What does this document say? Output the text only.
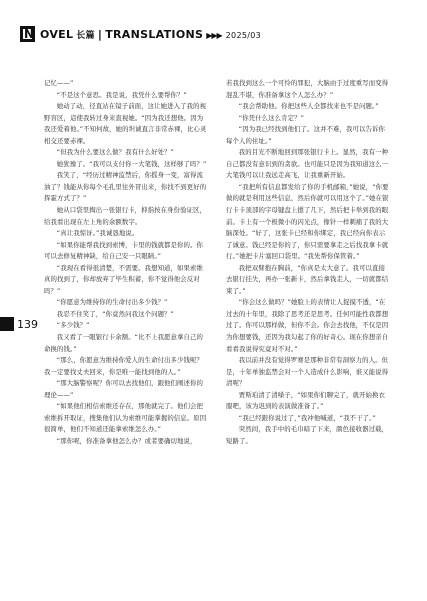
N OVEL 长篇 | TRANSLATIONS ▶▶▶ 2025/03
139

记忆——”

“不是这个意思。我是说，我凭什么要帮你？”

她动了动，径直站在镜子前面，这让她进入了我的视野盲区，這使我转过身来直视她。“因为我还想他。因为我还爱着他。”不知何故，她的坦诚直言非常赤裸，比心灵相交还要赤裸。

“但我为什么要这么做？我有什么好处？”

她犹豫了。“我可以支付你一大笔钱，这样够了吗？”

我笑了，“经历过精神监禁后，你摇身一变，富得流油了？钱能从你每个毛孔里往外冒出来，你找不到更好的挥霍方式了？”

她从口袋里掏出一张银行卡，抑指按在身份验证区，给我看出现在左上角的余额数字。

“真让我惊讶。”我诚恳地说。

“如果你能帮我找到索博，卡里的钱就都是你的。你可以去修复精神缺，给自己安一只眼睛。”

“我现在看得很清楚，不需要。我想知道，如果索维真的找到了，你却放弃了毕生积蓄，你不觉得他会反对吗？”

“你愿意为维持你的生命付出多少钱？”

我忍不住笑了，“你竟然问我这个问题？”

“多少钱？”

我又看了一眼银行卡余额。“比不上我愿意拿自己的命换的钱。”

“那么，你愿意为维持你爱人的生命付出多少钱呢？我一定要找丈夫回来，你是唯一能找到他的人。”

“那大脑警察呢？你可以去找他们，跟他们阐述你的理论——”

“如果他们相信索维还存在，那他就完了。他们会把索维拆开取证，搜集他们认为索维可能掌握的信息。原因很简单，他们不知道还能拿索维怎么办。”

“那你呢，你准备拿他怎么办？或者要确切地说，

若我找到这么一个可怜的罪犯，大脑由于过度重写而变得混乱不堪，你准备拿这个人怎么办？”

“我会帮助他。你把这些人全都找来也不是问题。”

“你凭什么这么肯定？”

“因为我已经找到他们了。这并不难，我可以告诉你每个人的住址。”

我的目光不断地回到那张银行卡上。显然，我有一种自己都没有意识到的贪欲。也可能只是因为我知道这么一大笔钱可以让我远走高飞，让我重新开始。

“我把所有信息都发给了你的手机邮箱，”她说，“你要做的就是利用这些信息，然后你就可以用这个了。”她在银行卡卡顶部的字母键盘上摁了几下，然后把卡举到我的眼前。卡上有一个极微小的闪光点，像针一样刺痛了我的大脑深处。“好了，这张卡已经和你绑定，我已经向你表示了诚意。钱已经是你的了，你只需要拿走之后找我拿卡就行。”她把卡片塞回口袋里。“我先帮你保管着。”

我把双臂抱在胸前，“你真是太大意了。我可以直接去银行挂失，再办一张新卡，然后拿钱走人，一切就都结束了。”

“你会这么做吗？”她脸上的表情让人捉摸不透，“在过去的十年里，我除了思考还是思考。任何可能性我都想过了。你可以那样做，但你不会。你会去找他，不仅是因为你想要钱，还因为我勾起了你的好奇心。现在你想亲自看看我说得究竟对不对。”

我以前并没有觉得罗赛是那种非常有洞察力的人。但是，十年单独监禁会对一个人造成什么影响，谁又能说得清呢？

贾斯珀清了清嗓子，“如果你们聊完了，就开始换衣服吧，该为迟到的表演做准备了。”

“我已经跟你说过了，”我冲他喊道，“我不干了。”

突然间，我手中的毛巾暗了下来，颜色接收器过载，短路了。
